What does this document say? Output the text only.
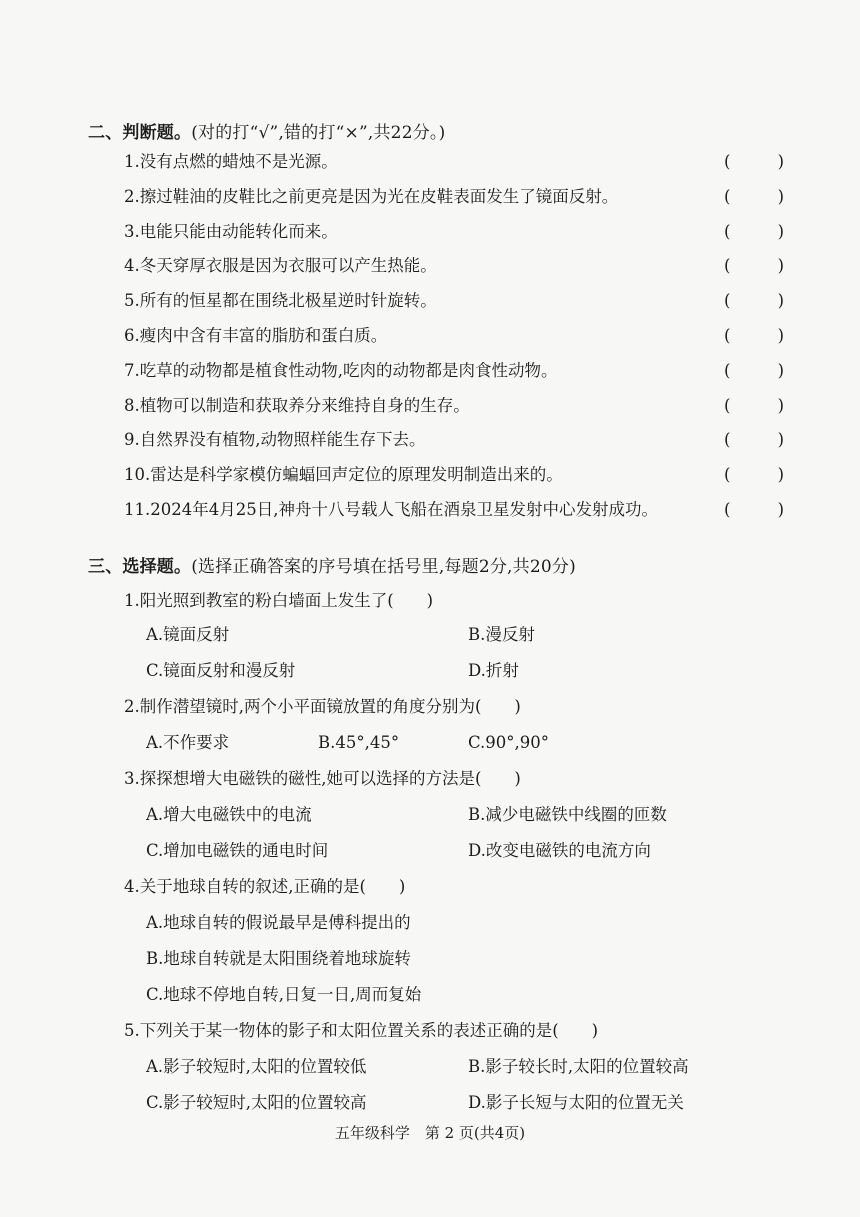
二、判断题。(对的打“√”,错的打“×”,共22分。)
1.没有点燃的蜡烛不是光源。	(	)
2.擦过鞋油的皮鞋比之前更亮是因为光在皮鞋表面发生了镜面反射。	(	)
3.电能只能由动能转化而来。	(	)
4.冬天穿厚衣服是因为衣服可以产生热能。	(	)
5.所有的恒星都在围绕北极星逆时针旋转。	(	)
6.瘦肉中含有丰富的脂肪和蛋白质。	(	)
7.吃草的动物都是植食性动物,吃肉的动物都是肉食性动物。	(	)
8.植物可以制造和获取养分来维持自身的生存。	(	)
9.自然界没有植物,动物照样能生存下去。	(	)
10.雷达是科学家模仿蝙蝠回声定位的原理发明制造出来的。	(	)
11.2024年4月25日,神舟十八号载人飞船在酒泉卫星发射中心发射成功。	(	)
三、选择题。(选择正确答案的序号填在括号里,每题2分,共20分)
1.阳光照到教室的粉白墙面上发生了(　　)
A.镜面反射	B.漫反射
C.镜面反射和漫反射	D.折射
2.制作潜望镜时,两个小平面镜放置的角度分别为(　　)
A.不作要求	B.45°,45°	C.90°,90°
3.探探想增大电磁铁的磁性,她可以选择的方法是(　　)
A.增大电磁铁中的电流	B.减少电磁铁中线圈的匝数
C.增加电磁铁的通电时间	D.改变电磁铁的电流方向
4.关于地球自转的叙述,正确的是(　　)
A.地球自转的假说最早是傅科提出的
B.地球自转就是太阳围绕着地球旋转
C.地球不停地自转,日复一日,周而复始
5.下列关于某一物体的影子和太阳位置关系的表述正确的是(　　)
A.影子较短时,太阳的位置较低	B.影子较长时,太阳的位置较高
C.影子较短时,太阳的位置较高	D.影子长短与太阳的位置无关
五年级科学　第 2 页(共4页)
